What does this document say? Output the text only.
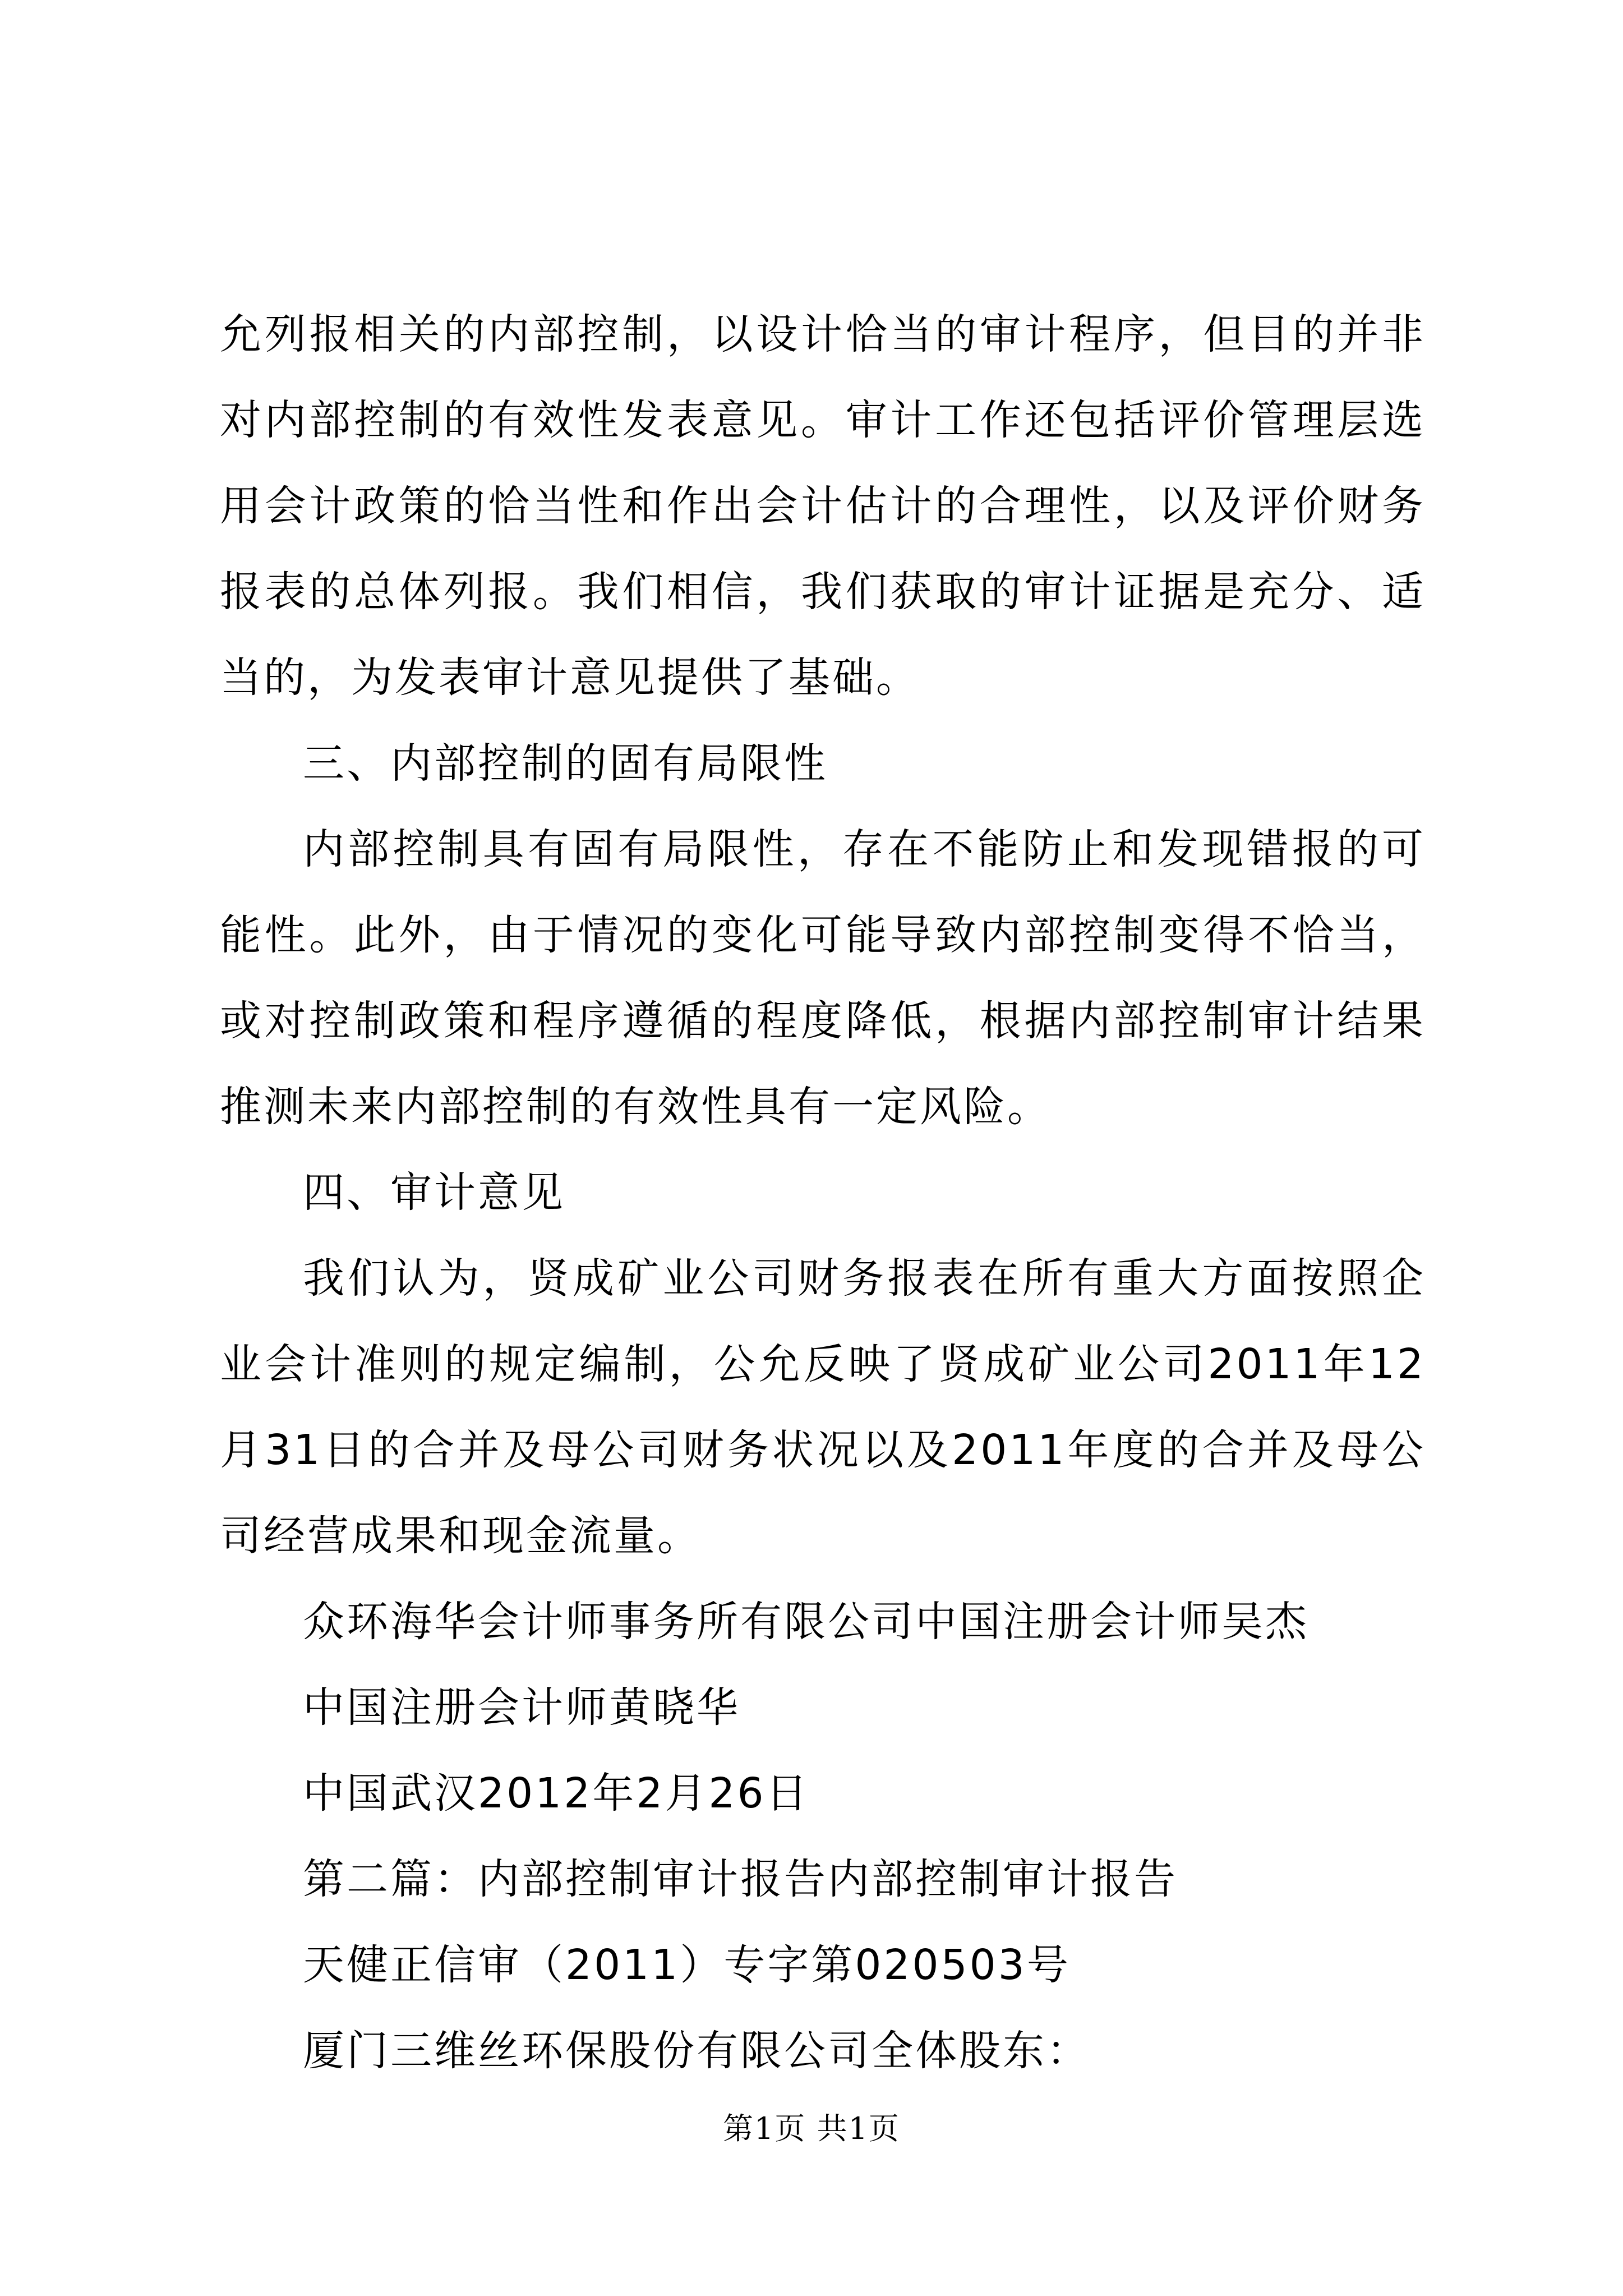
允列报相关的内部控制，以设计恰当的审计程序，但目的并非对内部控制的有效性发表意见。审计工作还包括评价管理层选用会计政策的恰当性和作出会计估计的合理性，以及评价财务报表的总体列报。我们相信，我们获取的审计证据是充分、适当的，为发表审计意见提供了基础。

三、内部控制的固有局限性

内部控制具有固有局限性，存在不能防止和发现错报的可能性。此外，由于情况的变化可能导致内部控制变得不恰当，或对控制政策和程序遵循的程度降低，根据内部控制审计结果推测未来内部控制的有效性具有一定风险。

四、审计意见

我们认为，贤成矿业公司财务报表在所有重大方面按照企业会计准则的规定编制，公允反映了贤成矿业公司2011年12月31日的合并及母公司财务状况以及2011年度的合并及母公司经营成果和现金流量。

众环海华会计师事务所有限公司中国注册会计师吴杰

中国注册会计师黄晓华

中国武汉2012年2月26日

第二篇：内部控制审计报告内部控制审计报告

天健正信审（2011）专字第020503号

厦门三维丝环保股份有限公司全体股东：

第1页 共1页
